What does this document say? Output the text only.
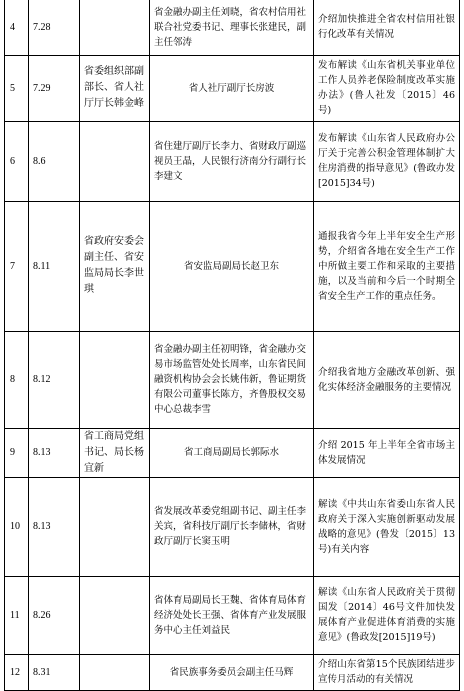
4	7.28		省金融办副主任刘晓，省农村信用社联合社党委书记、理事长张建民，副主任邻涛	介绍加快推进全省农村信用社银行化改革有关情况
5	7.29	省委组织部副部长、省人社厅厅长韩金峰	省人社厅副厅长房波	发布解读《山东省机关事业单位工作人员养老保险制度改革实施办法》(鲁人社发〔2015〕46号)
6	8.6		省住建厅副厅长李力、省财政厅副巡视员王晶，人民银行济南分行副行长李建文	发布解读《山东省人民政府办公厅关于完善公积金管理体制扩大住房消费的指导意见》(鲁政办发[2015]34号)
7	8.11	省政府安委会副主任、省安监局局长李世琪	省安监局副局长赵卫东	通报我省今年上半年安全生产形势，介绍省各地在安全生产工作中所做主要工作和采取的主要措施，以及当前和今后一个时期全省安全生产工作的重点任务。
8	8.12		省金融办副主任初明锋，省金融办交易市场监管处处长周率，山东省民间融资机构协会会长姚伟新，鲁证期货有限公司董事长陈方，齐鲁股权交易中心总裁李雪	介绍我省地方金融改革创新、强化实体经济金融服务的主要情况
9	8.13	省工商局党组书记、局长杨宜新	省工商局副局长郭际水	介绍 2015 年上半年全省市场主体发展情况
10	8.13		省发展改革委党组副书记、副主任李关宾，省科技厅副厅长李储林，省财政厅副厅长窦玉明	解读《中共山东省委山东省人民政府关于深入实施创新驱动发展战略的意见》(鲁发〔2015〕13号)有关内容
11	8.26		省体育局副局长王魏、省体育局体育经济处处长王强、省体育产业发展服务中心主任刘益民	解读《山东省人民政府关于贯彻国发〔2014〕46号文件加快发展体育产业促进体育消费的实施意见》(鲁政发[2015]19号)
12	8.31		省民族事务委员会副主任马辉	介绍山东省第15个民族团结进步宣传月活动的有关情况
